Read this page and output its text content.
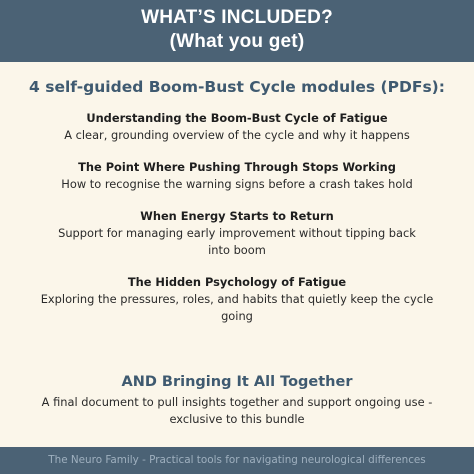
WHAT’S INCLUDED?
(What you get)
4 self-guided Boom-Bust Cycle modules (PDFs):
Understanding the Boom-Bust Cycle of Fatigue
A clear, grounding overview of the cycle and why it happens
The Point Where Pushing Through Stops Working
How to recognise the warning signs before a crash takes hold
When Energy Starts to Return
Support for managing early improvement without tipping back into boom
The Hidden Psychology of Fatigue
Exploring the pressures, roles, and habits that quietly keep the cycle going
AND Bringing It All Together
A final document to pull insights together and support ongoing use - exclusive to this bundle
The Neuro Family - Practical tools for navigating neurological differences
